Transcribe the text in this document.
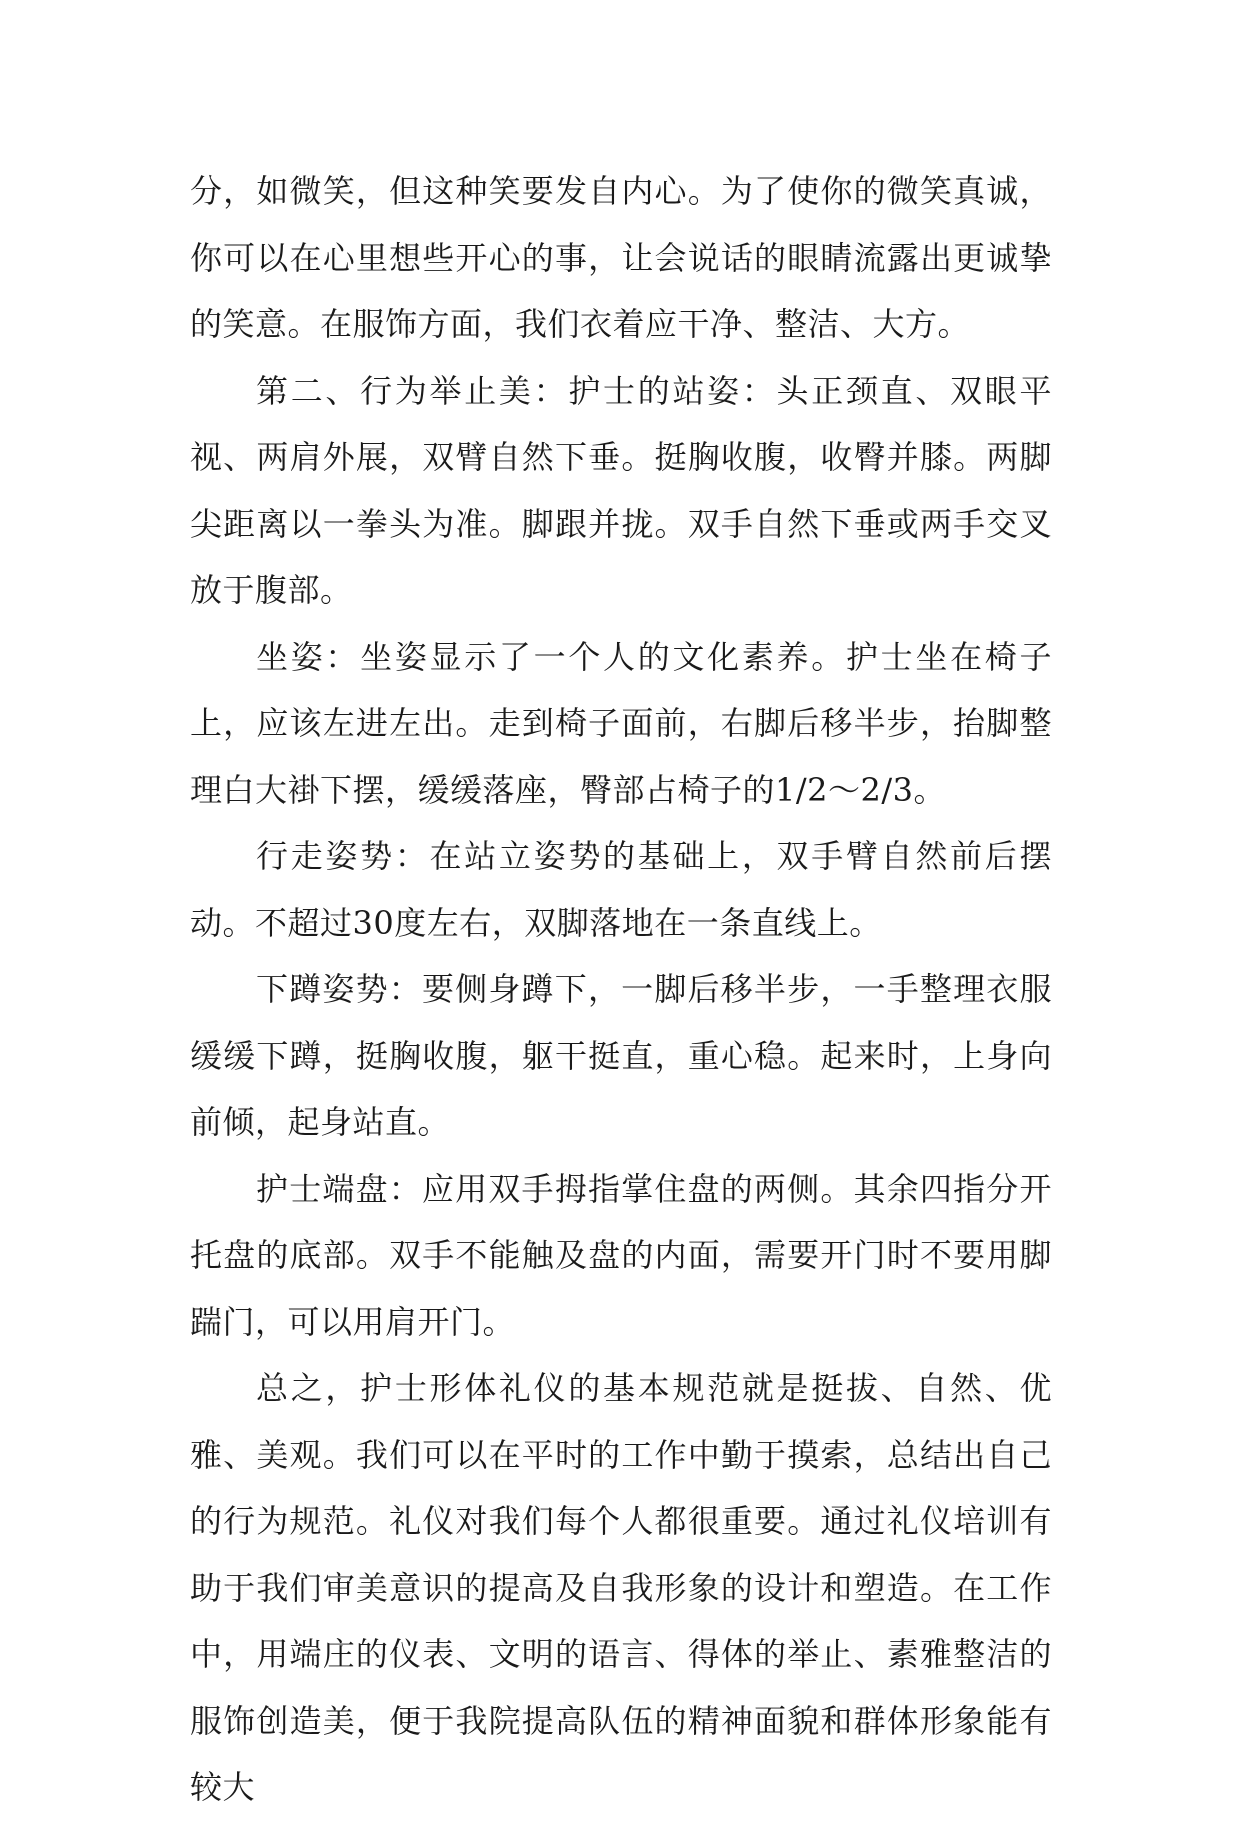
分，如微笑，但这种笑要发自内心。为了使你的微笑真诚，你可以在心里想些开心的事，让会说话的眼睛流露出更诚挚的笑意。在服饰方面，我们衣着应干净、整洁、大方。

第二、行为举止美：护士的站姿：头正颈直、双眼平视、两肩外展，双臂自然下垂。挺胸收腹，收臀并膝。两脚尖距离以一拳头为准。脚跟并拢。双手自然下垂或两手交叉放于腹部。

坐姿：坐姿显示了一个人的文化素养。护士坐在椅子上，应该左进左出。走到椅子面前，右脚后移半步，抬脚整理白大褂下摆，缓缓落座，臀部占椅子的1/2～2/3。

行走姿势：在站立姿势的基础上，双手臂自然前后摆动。不超过30度左右，双脚落地在一条直线上。

下蹲姿势：要侧身蹲下，一脚后移半步，一手整理衣服缓缓下蹲，挺胸收腹，躯干挺直，重心稳。起来时，上身向前倾，起身站直。

护士端盘：应用双手拇指掌住盘的两侧。其余四指分开托盘的底部。双手不能触及盘的内面，需要开门时不要用脚踹门，可以用肩开门。

总之，护士形体礼仪的基本规范就是挺拔、自然、优雅、美观。我们可以在平时的工作中勤于摸索，总结出自己的行为规范。礼仪对我们每个人都很重要。通过礼仪培训有助于我们审美意识的提高及自我形象的设计和塑造。在工作中，用端庄的仪表、文明的语言、得体的举止、素雅整洁的服饰创造美，便于我院提高队伍的精神面貌和群体形象能有较大
